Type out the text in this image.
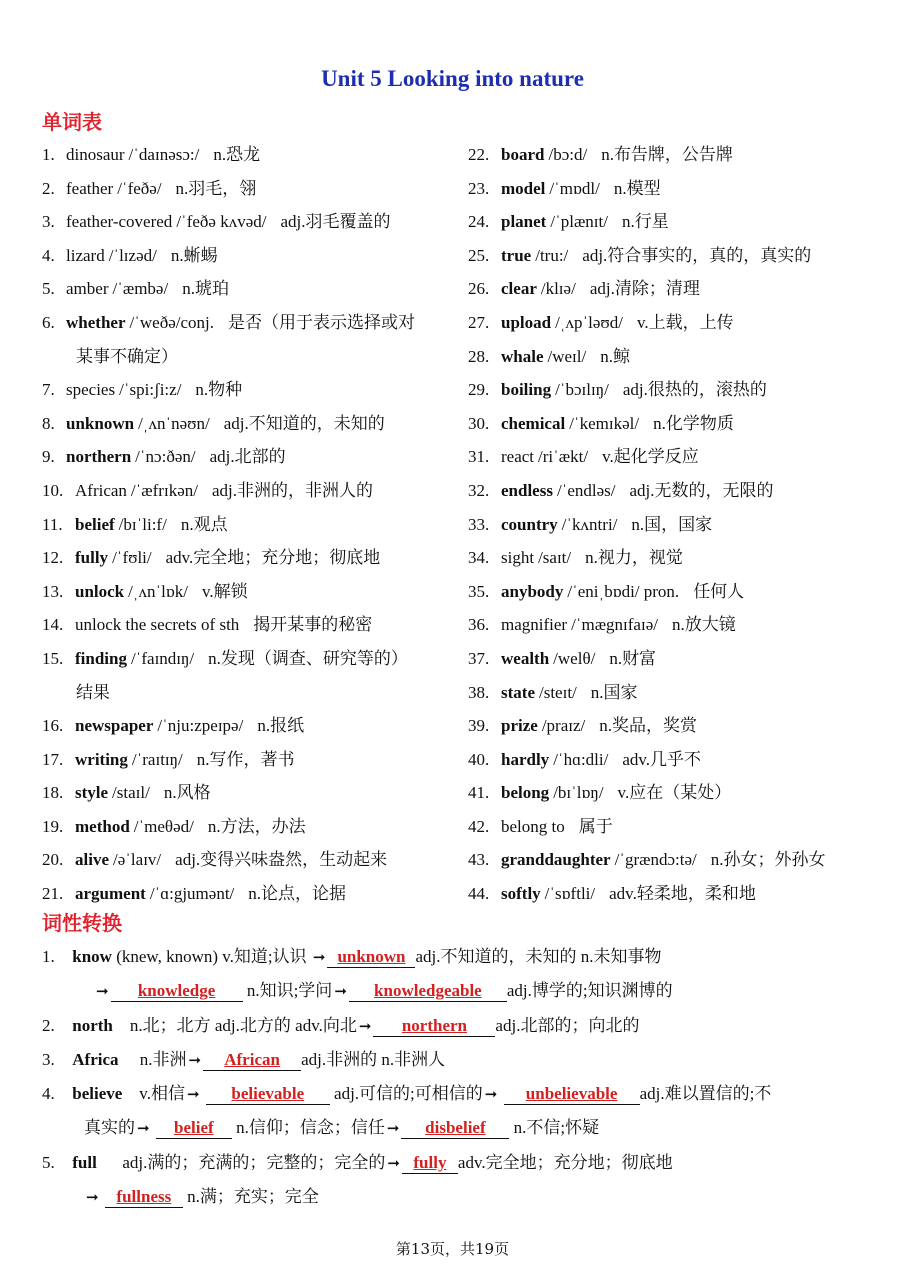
Unit 5 Looking into nature
单词表
1. dinosaur /ˈdaɪnəsɔ:/ n.恐龙
2. feather /ˈfeðə/ n.羽毛，翎
3. feather-covered /ˈfeðə kʌvəd/ adj.羽毛覆盖的
4. lizard /ˈlɪzəd/ n.蜥蜴
5. amber /ˈæmbə/ n.琥珀
6. whether /ˈweðə/conj. 是否（用于表示选择或对
某事不确定）
7. species /ˈspi:ʃi:z/ n.物种
8. unknown /ˌʌnˈnəʊn/ adj.不知道的，未知的
9. northern /ˈnɔ:ðən/ adj.北部的
10. African /ˈæfrɪkən/ adj.非洲的，非洲人的
11. belief /bɪˈli:f/ n.观点
12. fully /ˈfʊli/ adv.完全地；充分地；彻底地
13. unlock /ˌʌnˈlɒk/ v.解锁
14. unlock the secrets of sth 揭开某事的秘密
15. finding /ˈfaɪndɪŋ/ n.发现（调查、研究等的）
结果
16. newspaper /ˈnju:zpeɪpə/ n.报纸
17. writing /ˈraɪtɪŋ/ n.写作，著书
18. style /staɪl/ n.风格
19. method /ˈmeθəd/ n.方法，办法
20. alive /əˈlaɪv/ adj.变得兴味盎然，生动起来
21. argument /ˈɑ:gjumənt/ n.论点，论据
22. board /bɔ:d/ n.布告牌，公告牌
23. model /ˈmɒdl/ n.模型
24. planet /ˈplænɪt/ n.行星
25. true /tru:/ adj.符合事实的，真的，真实的
26. clear /klɪə/ adj.清除；清理
27. upload /ˌʌpˈləʊd/ v.上载，上传
28. whale /weɪl/ n.鲸
29. boiling /ˈbɔɪlɪŋ/ adj.很热的，滚热的
30. chemical /ˈkemɪkəl/ n.化学物质
31. react /riˈækt/ v.起化学反应
32. endless /ˈendləs/ adj.无数的，无限的
33. country /ˈkʌntri/ n.国，国家
34. sight /saɪt/ n.视力，视觉
35. anybody /ˈeniˌbɒdi/ pron. 任何人
36. magnifier /ˈmægnɪfaɪə/ n.放大镜
37. wealth /welθ/ n.财富
38. state /steɪt/ n.国家
39. prize /praɪz/ n.奖品，奖赏
40. hardly /ˈhɑ:dli/ adv.几乎不
41. belong /bɪˈlɒŋ/ v.应在（某处）
42. belong to 属于
43. granddaughter /ˈgrændɔ:tə/ n.孙女；外孙女
44. softly /ˈsɒftli/ adv.轻柔地，柔和地
词性转换
1. know (knew, known) v.知道;认识 ➞ unknown adj.不知道的，未知的 n.未知事物
➞ knowledge n.知识;学问 ➞ knowledgeable adj.博学的;知识渊博的
2. north n.北；北方 adj.北方的 adv.向北 ➞ northern adj.北部的；向北的
3. Africa n.非洲 ➞ African adj.非洲的 n.非洲人
4. believe v.相信 ➞ believable adj.可信的;可相信的 ➞ unbelievable adj.难以置信的;不
真实的 ➞ belief n.信仰；信念；信任 ➞ disbelief n.不信;怀疑
5. full adj.满的；充满的；完整的；完全的 ➞ fully adv.完全地；充分地；彻底地
➞ fullness n.满；充实；完全
第13页，共19页
